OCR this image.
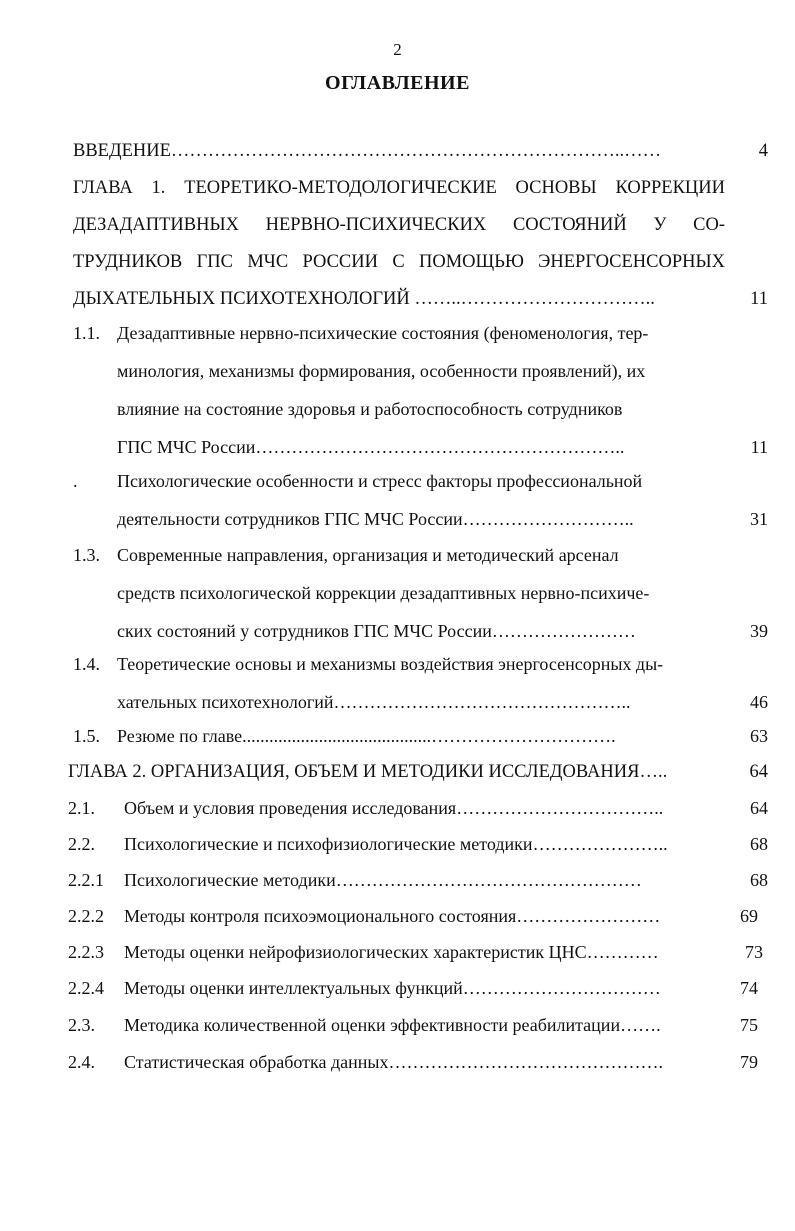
2
ОГЛАВЛЕНИЕ
ВВЕДЕНИЕ………………………………………………………………..……	4
ГЛАВА 1. ТЕОРЕТИКО-МЕТОДОЛОГИЧЕСКИЕ ОСНОВЫ КОРРЕКЦИИ
ДЕЗАДАПТИВНЫХ НЕРВНО-ПСИХИЧЕСКИХ СОСТОЯНИЙ У СО-
ТРУДНИКОВ ГПС МЧС РОССИИ С ПОМОЩЬЮ ЭНЕРГОСЕНСОРНЫХ
ДЫХАТЕЛЬНЫХ ПСИХОТЕХНОЛОГИЙ ……..…………………………..	11
1.1. Дезадаптивные нервно-психические состояния (феноменология, тер-
минология, механизмы формирования, особенности проявлений), их
влияние на состояние здоровья и работоспособность сотрудников
ГПС МЧС России……………………………………………………..	11
. Психологические особенности и стресс факторы профессиональной
деятельности сотрудников ГПС МЧС России………………………..	31
1.3. Современные направления, организация и методический арсенал
средств психологической коррекции дезадаптивных нервно-психиче-
ских состояний у сотрудников ГПС МЧС России……………………	39
1.4. Теоретические основы и механизмы воздействия энергосенсорных ды-
хательных психотехнологий…………………………………………..	46
1.5. Резюме по главе..........................................………………………….	63
ГЛАВА 2. ОРГАНИЗАЦИЯ, ОБЪЕМ И МЕТОДИКИ ИССЛЕДОВАНИЯ…..	64
2.1. Объем и условия проведения исследования……………………………..	64
2.2. Психологические и психофизиологические методики…………………..	68
2.2.1 Психологические методики……………………………………………	68
2.2.2 Методы контроля психоэмоционального состояния……………………	69
2.2.3 Методы оценки нейрофизиологических характеристик ЦНС…………	73
2.2.4 Методы оценки интеллектуальных функций……………………………	74
2.3. Методика количественной оценки эффективности реабилитации…….	75
2.4. Статистическая обработка данных……………………………………….	79
